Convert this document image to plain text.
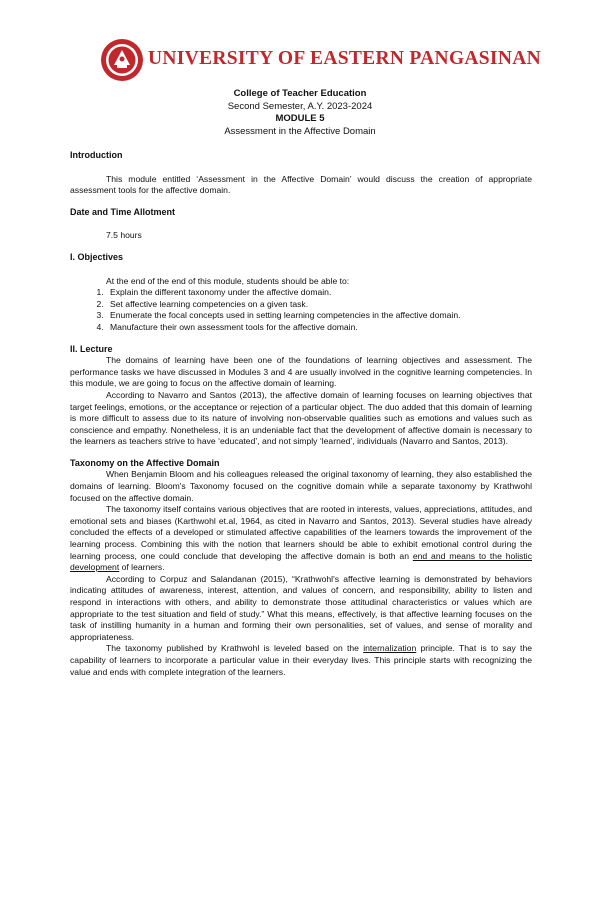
UNIVERSITY OF EASTERN PANGASINAN
College of Teacher Education
Second Semester, A.Y. 2023-2024
MODULE 5
Assessment in the Affective Domain
Introduction

This module entitled ‘Assessment in the Affective Domain’ would discuss the creation of appropriate assessment tools for the affective domain.

Date and Time Allotment

7.5 hours

I. Objectives

At the end of the end of this module, students should be able to:

1. Explain the different taxonomy under the affective domain.
2. Set affective learning competencies on a given task.
3. Enumerate the focal concepts used in setting learning competencies in the affective domain.
4. Manufacture their own assessment tools for the affective domain.
II. Lecture

The domains of learning have been one of the foundations of learning objectives and assessment. The performance tasks we have discussed in Modules 3 and 4 are usually involved in the cognitive learning competencies. In this module, we are going to focus on the affective domain of learning.

According to Navarro and Santos (2013), the affective domain of learning focuses on learning objectives that target feelings, emotions, or the acceptance or rejection of a particular object. The duo added that this domain of learning is more difficult to assess due to its nature of involving non-observable qualities such as emotions and values such as conscience and empathy. Nonetheless, it is an undeniable fact that the development of affective domain is necessary to the learners as teachers strive to have ‘educated’, and not simply ‘learned’, individuals (Navarro and Santos, 2013).

Taxonomy on the Affective Domain

When Benjamin Bloom and his colleagues released the original taxonomy of learning, they also established the domains of learning. Bloom's Taxonomy focused on the cognitive domain while a separate taxonomy by Krathwohl focused on the affective domain.

The taxonomy itself contains various objectives that are rooted in interests, values, appreciations, attitudes, and emotional sets and biases (Karthwohl et.al, 1964, as cited in Navarro and Santos, 2013). Several studies have already concluded the effects of a developed or stimulated affective capabilities of the learners towards the improvement of the learning process. Combining this with the notion that learners should be able to exhibit emotional control during the learning process, one could conclude that developing the affective domain is both an end and means to the holistic development of learners.

According to Corpuz and Salandanan (2015), “Krathwohl's affective learning is demonstrated by behaviors indicating attitudes of awareness, interest, attention, and values of concern, and responsibility, ability to listen and respond in interactions with others, and ability to demonstrate those attitudinal characteristics or values which are appropriate to the test situation and field of study.” What this means, effectively, is that affective learning focuses on the task of instilling humanity in a human and forming their own personalities, set of values, and sense of morality and appropriateness.

The taxonomy published by Krathwohl is leveled based on the internalization principle. That is to say the capability of learners to incorporate a particular value in their everyday lives. This principle starts with recognizing the value and ends with complete integration of the learners.
